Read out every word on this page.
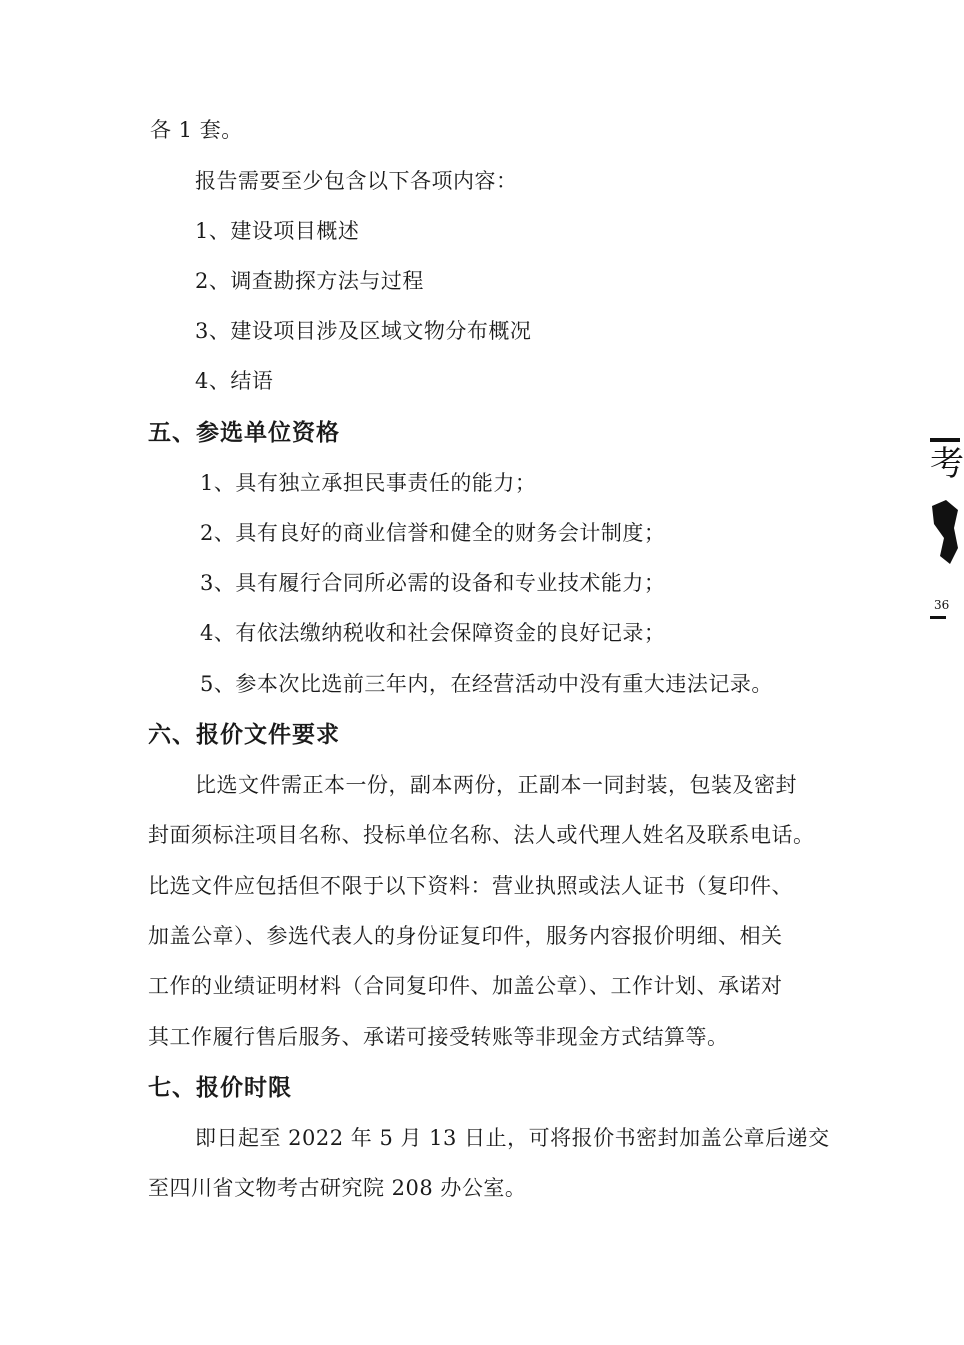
各 1 套。
报告需要至少包含以下各项内容：
1、建设项目概述
2、调查勘探方法与过程
3、建设项目涉及区域文物分布概况
4、结语
五、参选单位资格
1、具有独立承担民事责任的能力；
2、具有良好的商业信誉和健全的财务会计制度；
3、具有履行合同所必需的设备和专业技术能力；
4、有依法缴纳税收和社会保障资金的良好记录；
5、参本次比选前三年内，在经营活动中没有重大违法记录。
六、报价文件要求
比选文件需正本一份，副本两份，正副本一同封装，包装及密封
封面须标注项目名称、投标单位名称、法人或代理人姓名及联系电话。
比选文件应包括但不限于以下资料：营业执照或法人证书（复印件、
加盖公章）、参选代表人的身份证复印件，服务内容报价明细、相关
工作的业绩证明材料（合同复印件、加盖公章）、工作计划、承诺对
其工作履行售后服务、承诺可接受转账等非现金方式结算等。
七、报价时限
即日起至 2022 年 5 月 13 日止，可将报价书密封加盖公章后递交
至四川省文物考古研究院 208 办公室。
考
36
